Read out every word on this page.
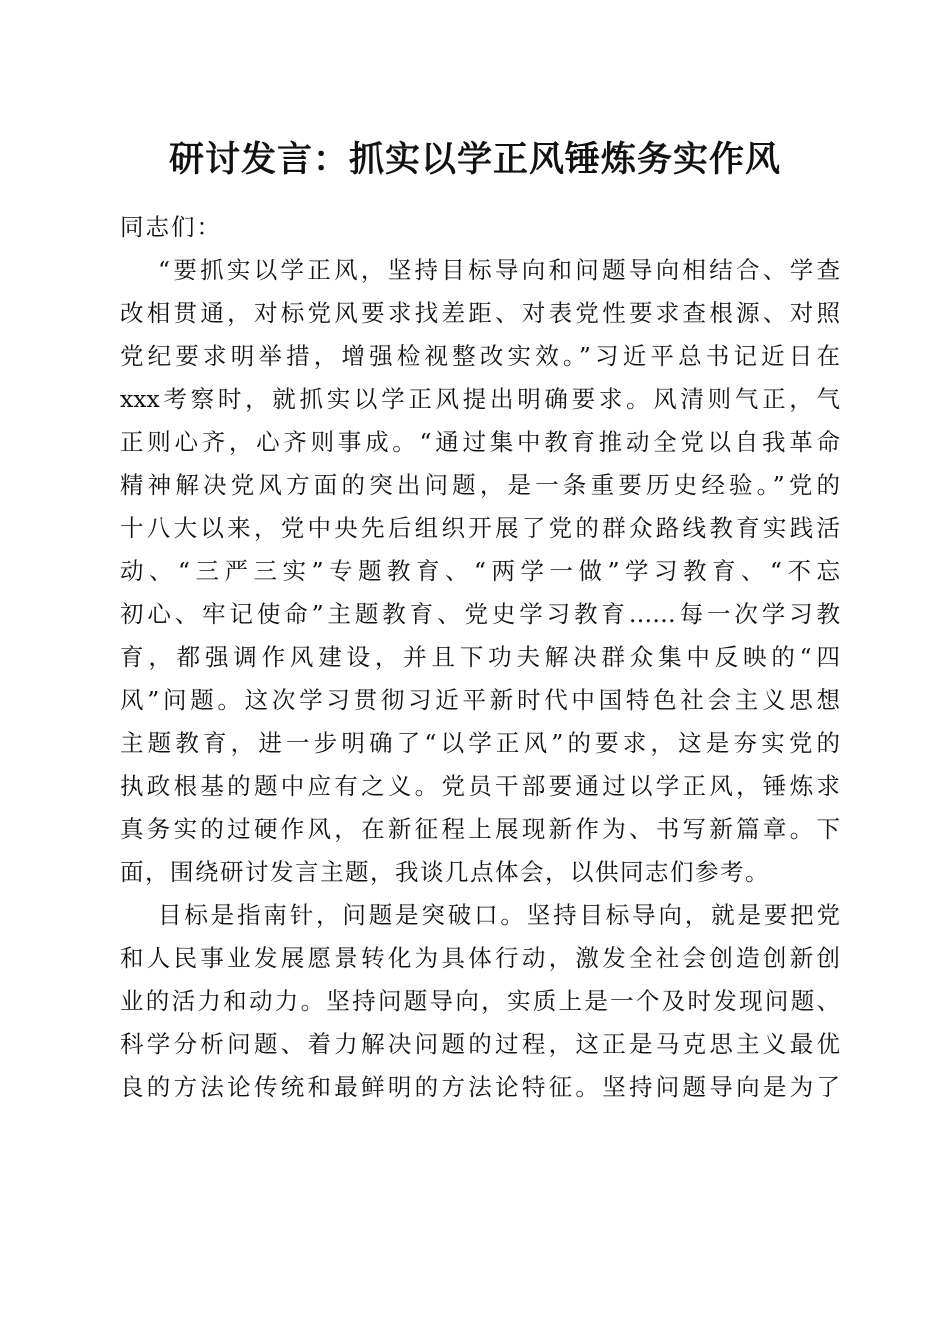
研讨发言：抓实以学正风锤炼务实作风
同志们：
“要抓实以学正风，坚持目标导向和问题导向相结合、学查
改相贯通，对标党风要求找差距、对表党性要求查根源、对照
党纪要求明举措，增强检视整改实效。”习近平总书记近日在
xxx考察时，就抓实以学正风提出明确要求。风清则气正，气
正则心齐，心齐则事成。“通过集中教育推动全党以自我革命
精神解决党风方面的突出问题，是一条重要历史经验。”党的
十八大以来，党中央先后组织开展了党的群众路线教育实践活
动、“三严三实”专题教育、“两学一做”学习教育、“不忘
初心、牢记使命”主题教育、党史学习教育……每一次学习教
育，都强调作风建设，并且下功夫解决群众集中反映的“四
风”问题。这次学习贯彻习近平新时代中国特色社会主义思想
主题教育，进一步明确了“以学正风”的要求，这是夯实党的
执政根基的题中应有之义。党员干部要通过以学正风，锤炼求
真务实的过硬作风，在新征程上展现新作为、书写新篇章。下
面，围绕研讨发言主题，我谈几点体会，以供同志们参考。
目标是指南针，问题是突破口。坚持目标导向，就是要把党
和人民事业发展愿景转化为具体行动，激发全社会创造创新创
业的活力和动力。坚持问题导向，实质上是一个及时发现问题、
科学分析问题、着力解决问题的过程，这正是马克思主义最优
良的方法论传统和最鲜明的方法论特征。坚持问题导向是为了
